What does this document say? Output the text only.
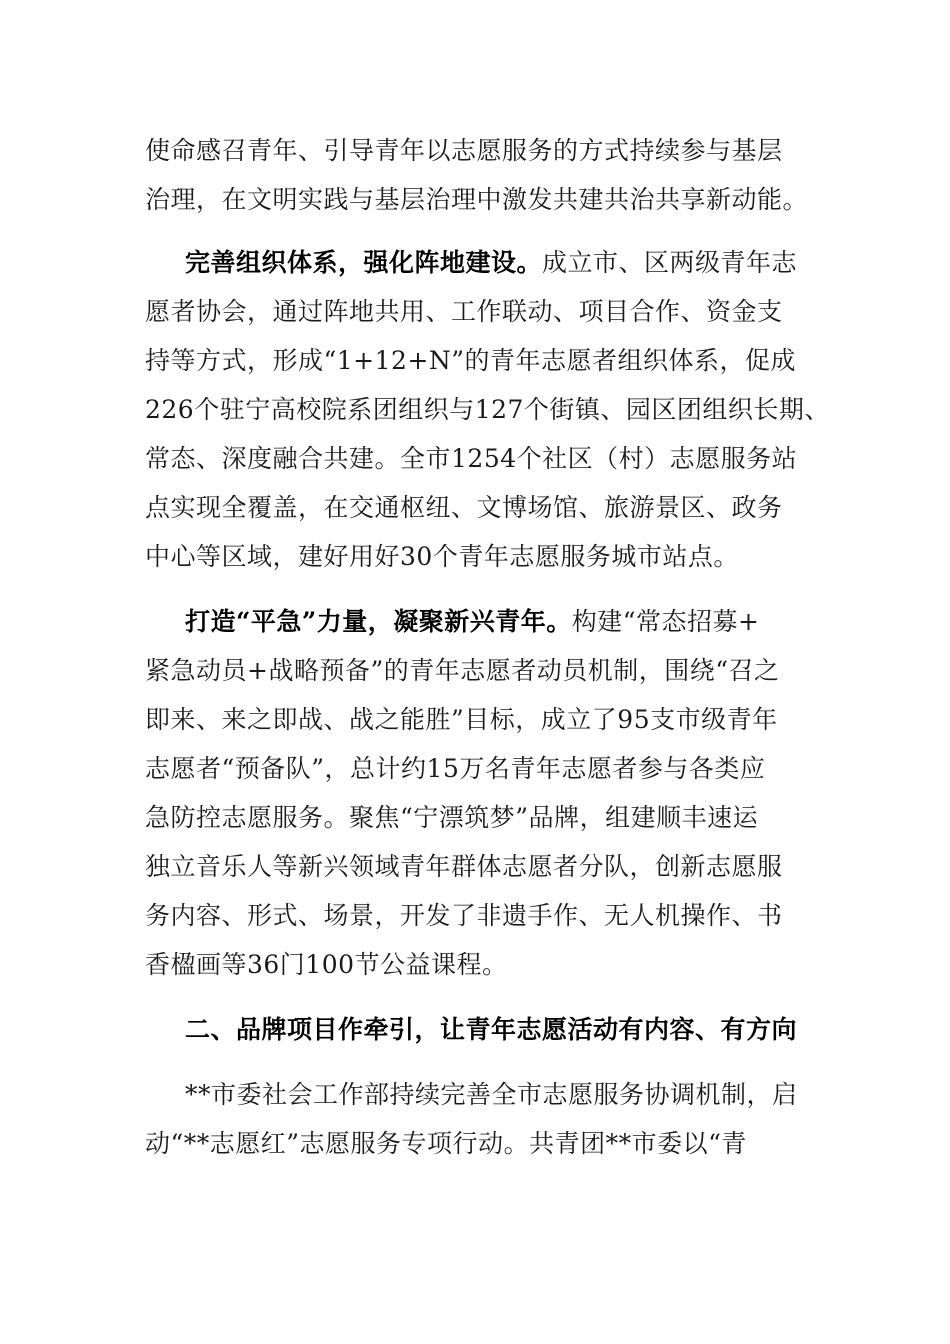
使命感召青年、引导青年以志愿服务的方式持续参与基层
治理，在文明实践与基层治理中激发共建共治共享新动能。
完善组织体系，强化阵地建设。成立市、区两级青年志
愿者协会，通过阵地共用、工作联动、项目合作、资金支
持等方式，形成“1+12+N”的青年志愿者组织体系，促成
226个驻宁高校院系团组织与127个街镇、园区团组织长期、
常态、深度融合共建。全市1254个社区（村）志愿服务站
点实现全覆盖，在交通枢纽、文博场馆、旅游景区、政务
中心等区域，建好用好30个青年志愿服务城市站点。
打造“平急”力量，凝聚新兴青年。构建“常态招募+
紧急动员+战略预备”的青年志愿者动员机制，围绕“召之
即来、来之即战、战之能胜”目标，成立了95支市级青年
志愿者“预备队”，总计约15万名青年志愿者参与各类应
急防控志愿服务。聚焦“宁漂筑梦”品牌，组建顺丰速运
独立音乐人等新兴领域青年群体志愿者分队，创新志愿服
务内容、形式、场景，开发了非遗手作、无人机操作、书
香楹画等36门100节公益课程。
二、品牌项目作牵引，让青年志愿活动有内容、有方向
**市委社会工作部持续完善全市志愿服务协调机制，启
动“**志愿红”志愿服务专项行动。共青团**市委以“青
